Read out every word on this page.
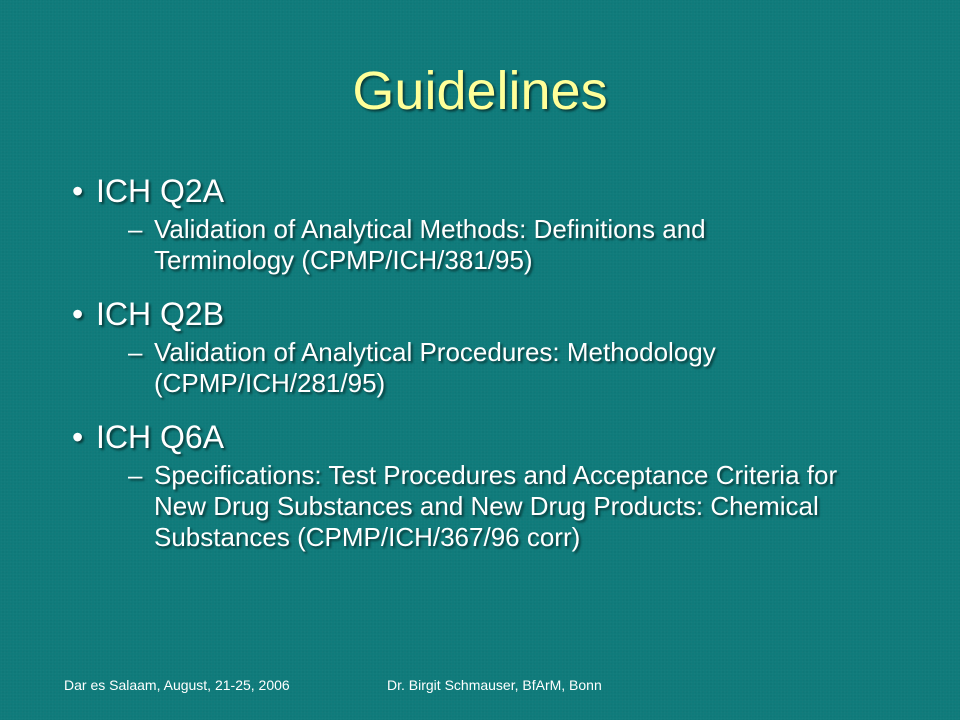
Guidelines
• ICH Q2A
– Validation of Analytical Methods: Definitions and Terminology (CPMP/ICH/381/95)
• ICH Q2B
– Validation of Analytical Procedures: Methodology (CPMP/ICH/281/95)
• ICH Q6A
– Specifications: Test Procedures and Acceptance Criteria for New Drug Substances and New Drug Products: Chemical Substances (CPMP/ICH/367/96 corr)
Dar es Salaam, August, 21-25, 2006	Dr. Birgit Schmauser, BfArM, Bonn
